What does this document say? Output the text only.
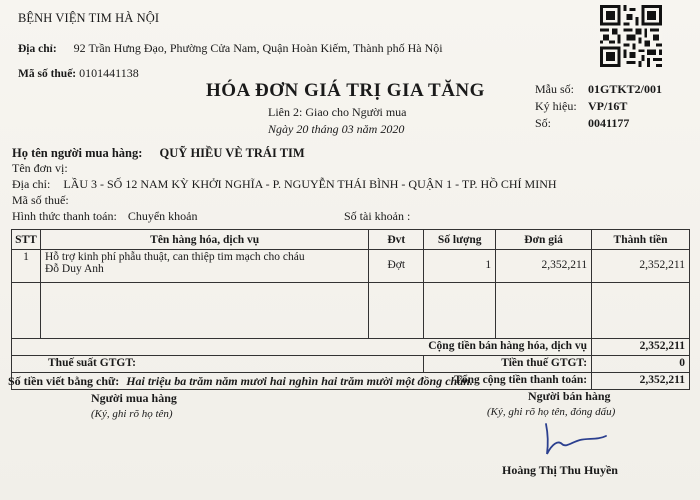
BỆNH VIỆN TIM HÀ NỘI
Địa chỉ: 92 Trần Hưng Đạo, Phường Cửa Nam, Quận Hoàn Kiếm, Thành phố Hà Nội
Mã số thuế: 0101441138
HÓA ĐƠN GIÁ TRỊ GIA TĂNG
Liên 2: Giao cho Người mua
Ngày 20 tháng 03 năm 2020
Mẫu số: 01GTKT2/001
Ký hiệu: VP/16T
Số:	0041177
Họ tên người mua hàng: QUỸ HIỀU VÈ TRÁI TIM
Tên đơn vị:
Địa chỉ: LẦU 3 - SỐ 12 NAM KỲ KHỞI NGHĨA - P. NGUYỄN THÁI BÌNH - QUẬN 1 - TP. HỒ CHÍ MINH
Mã số thuế:
Hình thức thanh toán: Chuyển khoản	Số tài khoản :
STT	Tên hàng hóa, dịch vụ	Đvt	Số lượng	Đơn giá	Thành tiền
1	Hỗ trợ kinh phí phẫu thuật, can thiệp tim mạch cho cháu
Đỗ Duy Anh	Đợt	1	2,352,211	2,352,211

Cộng tiền bán hàng hóa, dịch vụ					2,352,211
Thuế suất GTGT:			Tiền thuế GTGT:		0
Tổng cộng tiền thanh toán:					2,352,211
Số tiền viết bằng chữ: Hai triệu ba trăm năm mươi hai nghìn hai trăm mười một đồng chẵn.
Người mua hàng
(Ký, ghi rõ họ tên)
Người bán hàng
(Ký, ghi rõ họ tên, đóng dấu)
Hoàng Thị Thu Huyền
